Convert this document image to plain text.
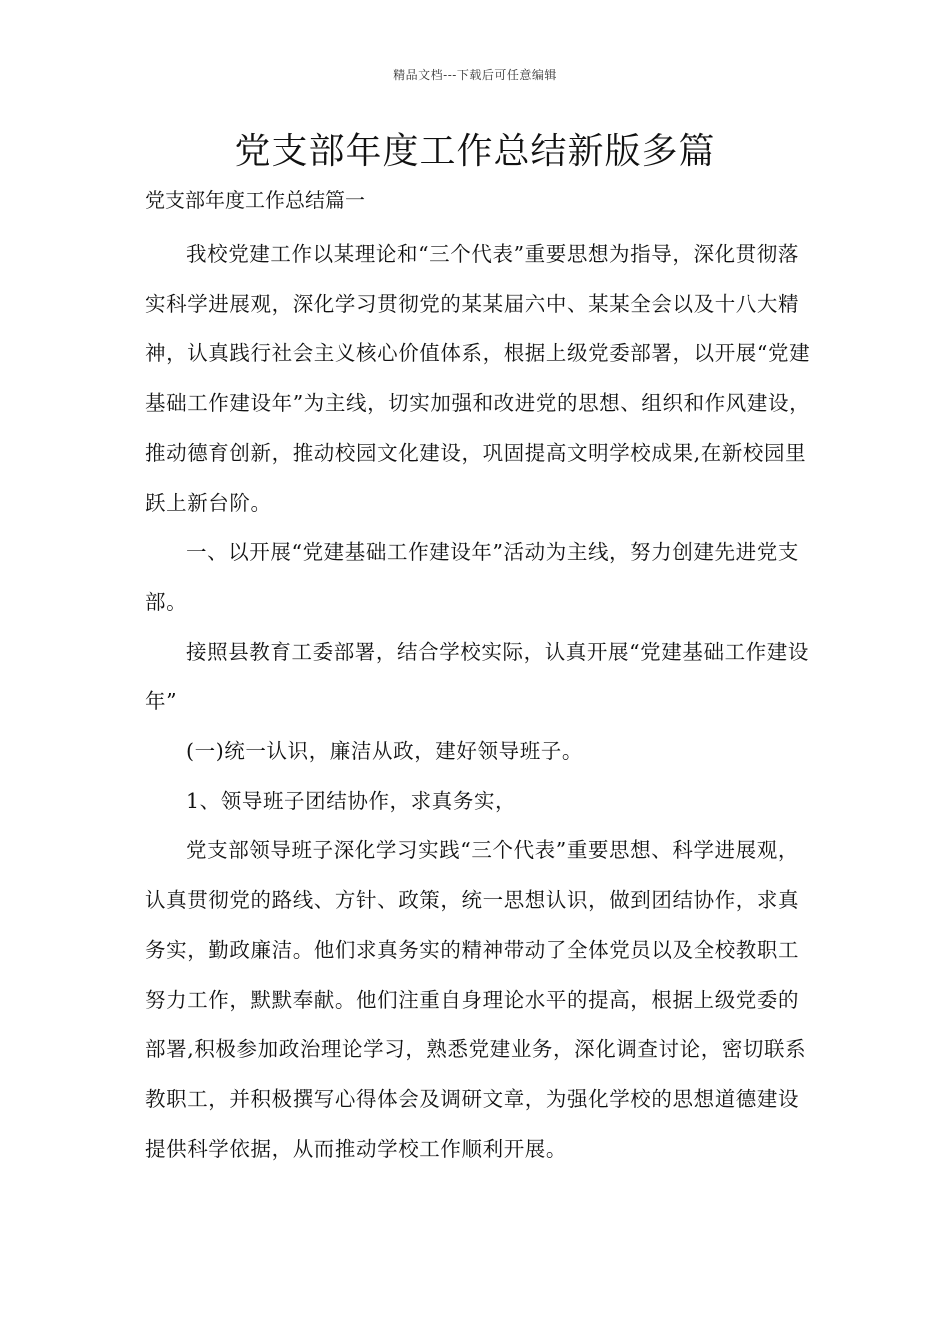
精品文档---下载后可任意编辑
党支部年度工作总结新版多篇
党支部年度工作总结篇一

我校党建工作以某理论和“三个代表”重要思想为指导，深化贯彻落实科学进展观，深化学习贯彻党的某某届六中、某某全会以及十八大精神，认真践行社会主义核心价值体系，根据上级党委部署，以开展“党建基础工作建设年”为主线，切实加强和改进党的思想、组织和作风建设，推动德育创新，推动校园文化建设，巩固提高文明学校成果,在新校园里跃上新台阶。

一、以开展“党建基础工作建设年”活动为主线，努力创建先进党支部。

接照县教育工委部署，结合学校实际，认真开展“党建基础工作建设年”

(一)统一认识，廉洁从政，建好领导班子。

1、领导班子团结协作，求真务实，

党支部领导班子深化学习实践“三个代表”重要思想、科学进展观，认真贯彻党的路线、方针、政策，统一思想认识，做到团结协作，求真务实，勤政廉洁。他们求真务实的精神带动了全体党员以及全校教职工努力工作，默默奉献。他们注重自身理论水平的提高，根据上级党委的部署,积极参加政治理论学习，熟悉党建业务，深化调查讨论，密切联系教职工，并积极撰写心得体会及调研文章，为强化学校的思想道德建设提供科学依据，从而推动学校工作顺利开展。
